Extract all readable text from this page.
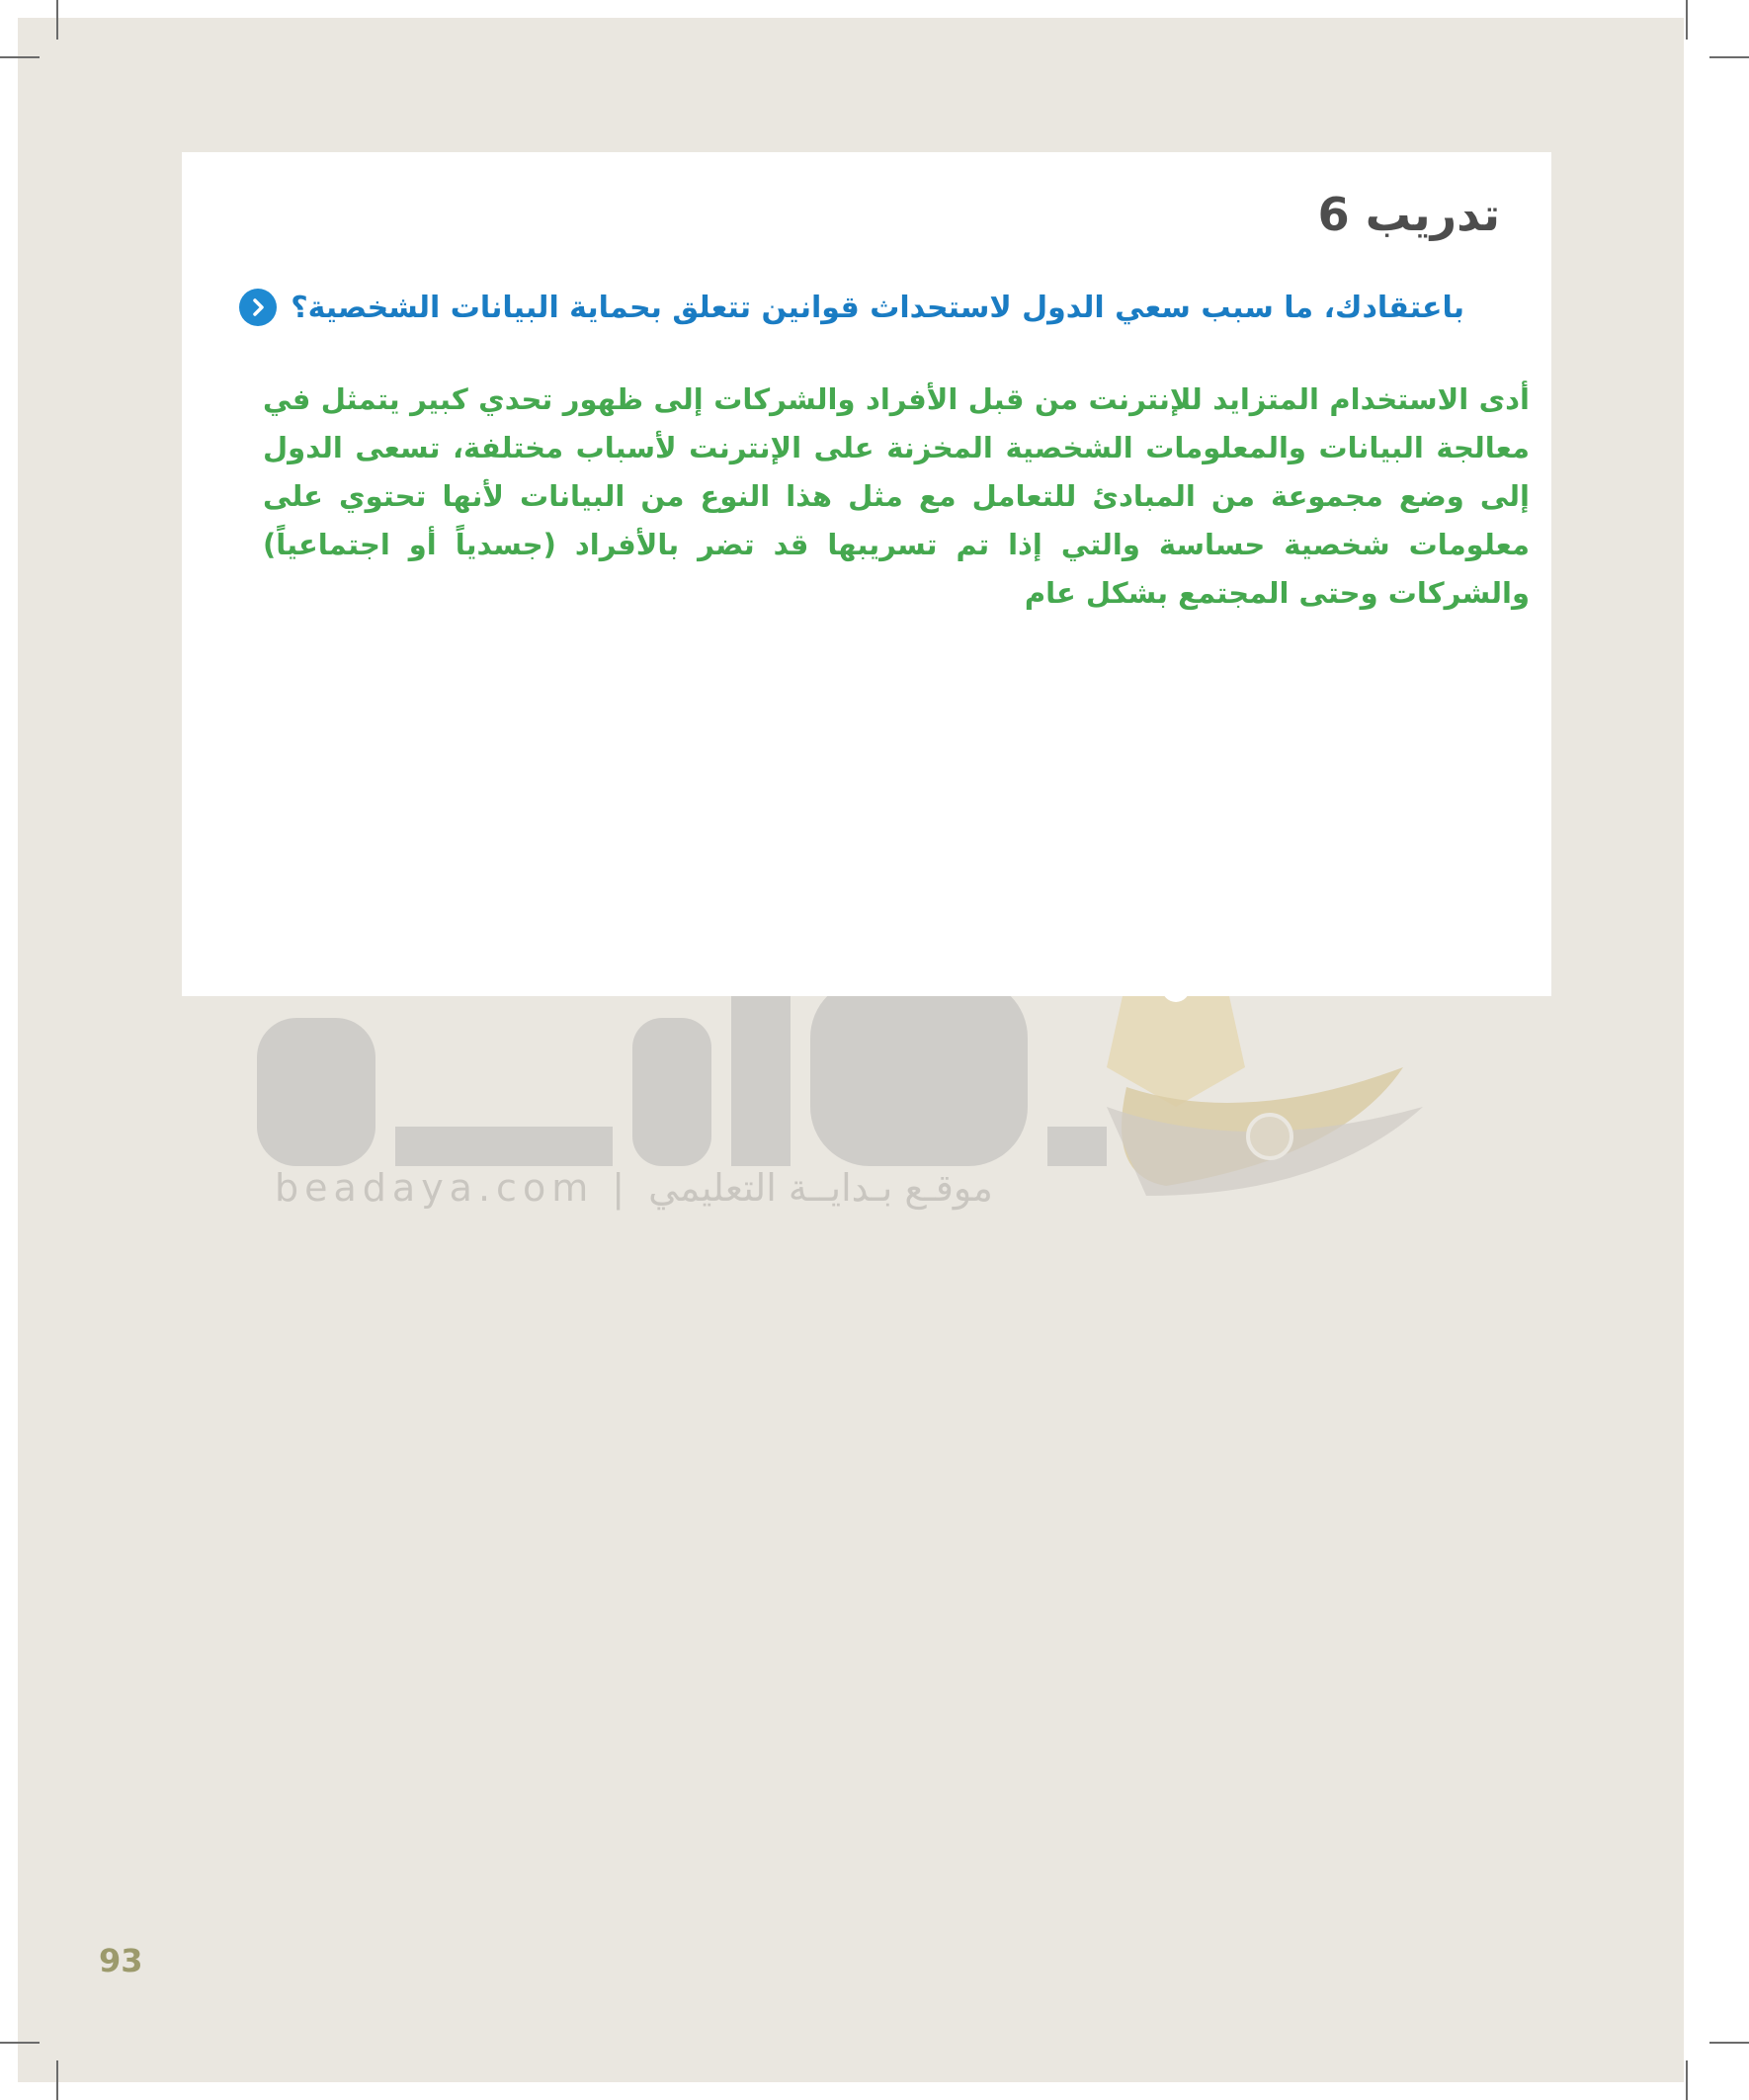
beadaya.com | موقـع بـدايــة التعليمي
تدريب 6
باعتقادك، ما سبب سعي الدول لاستحداث قوانين تتعلق بحماية البيانات الشخصية؟

أدى الاستخدام المتزايد للإنترنت من قبل الأفراد والشركات إلى ظهور تحدي كبير يتمثل في معالجة البيانات والمعلومات الشخصية المخزنة على الإنترنت لأسباب مختلفة، تسعى الدول إلى وضع مجموعة من المبادئ للتعامل مع مثل هذا النوع من البيانات لأنها تحتوي على معلومات شخصية حساسة والتي إذا تم تسريبها قد تضر بالأفراد (جسدياً أو اجتماعياً) والشركات وحتى المجتمع بشكل عام

93
